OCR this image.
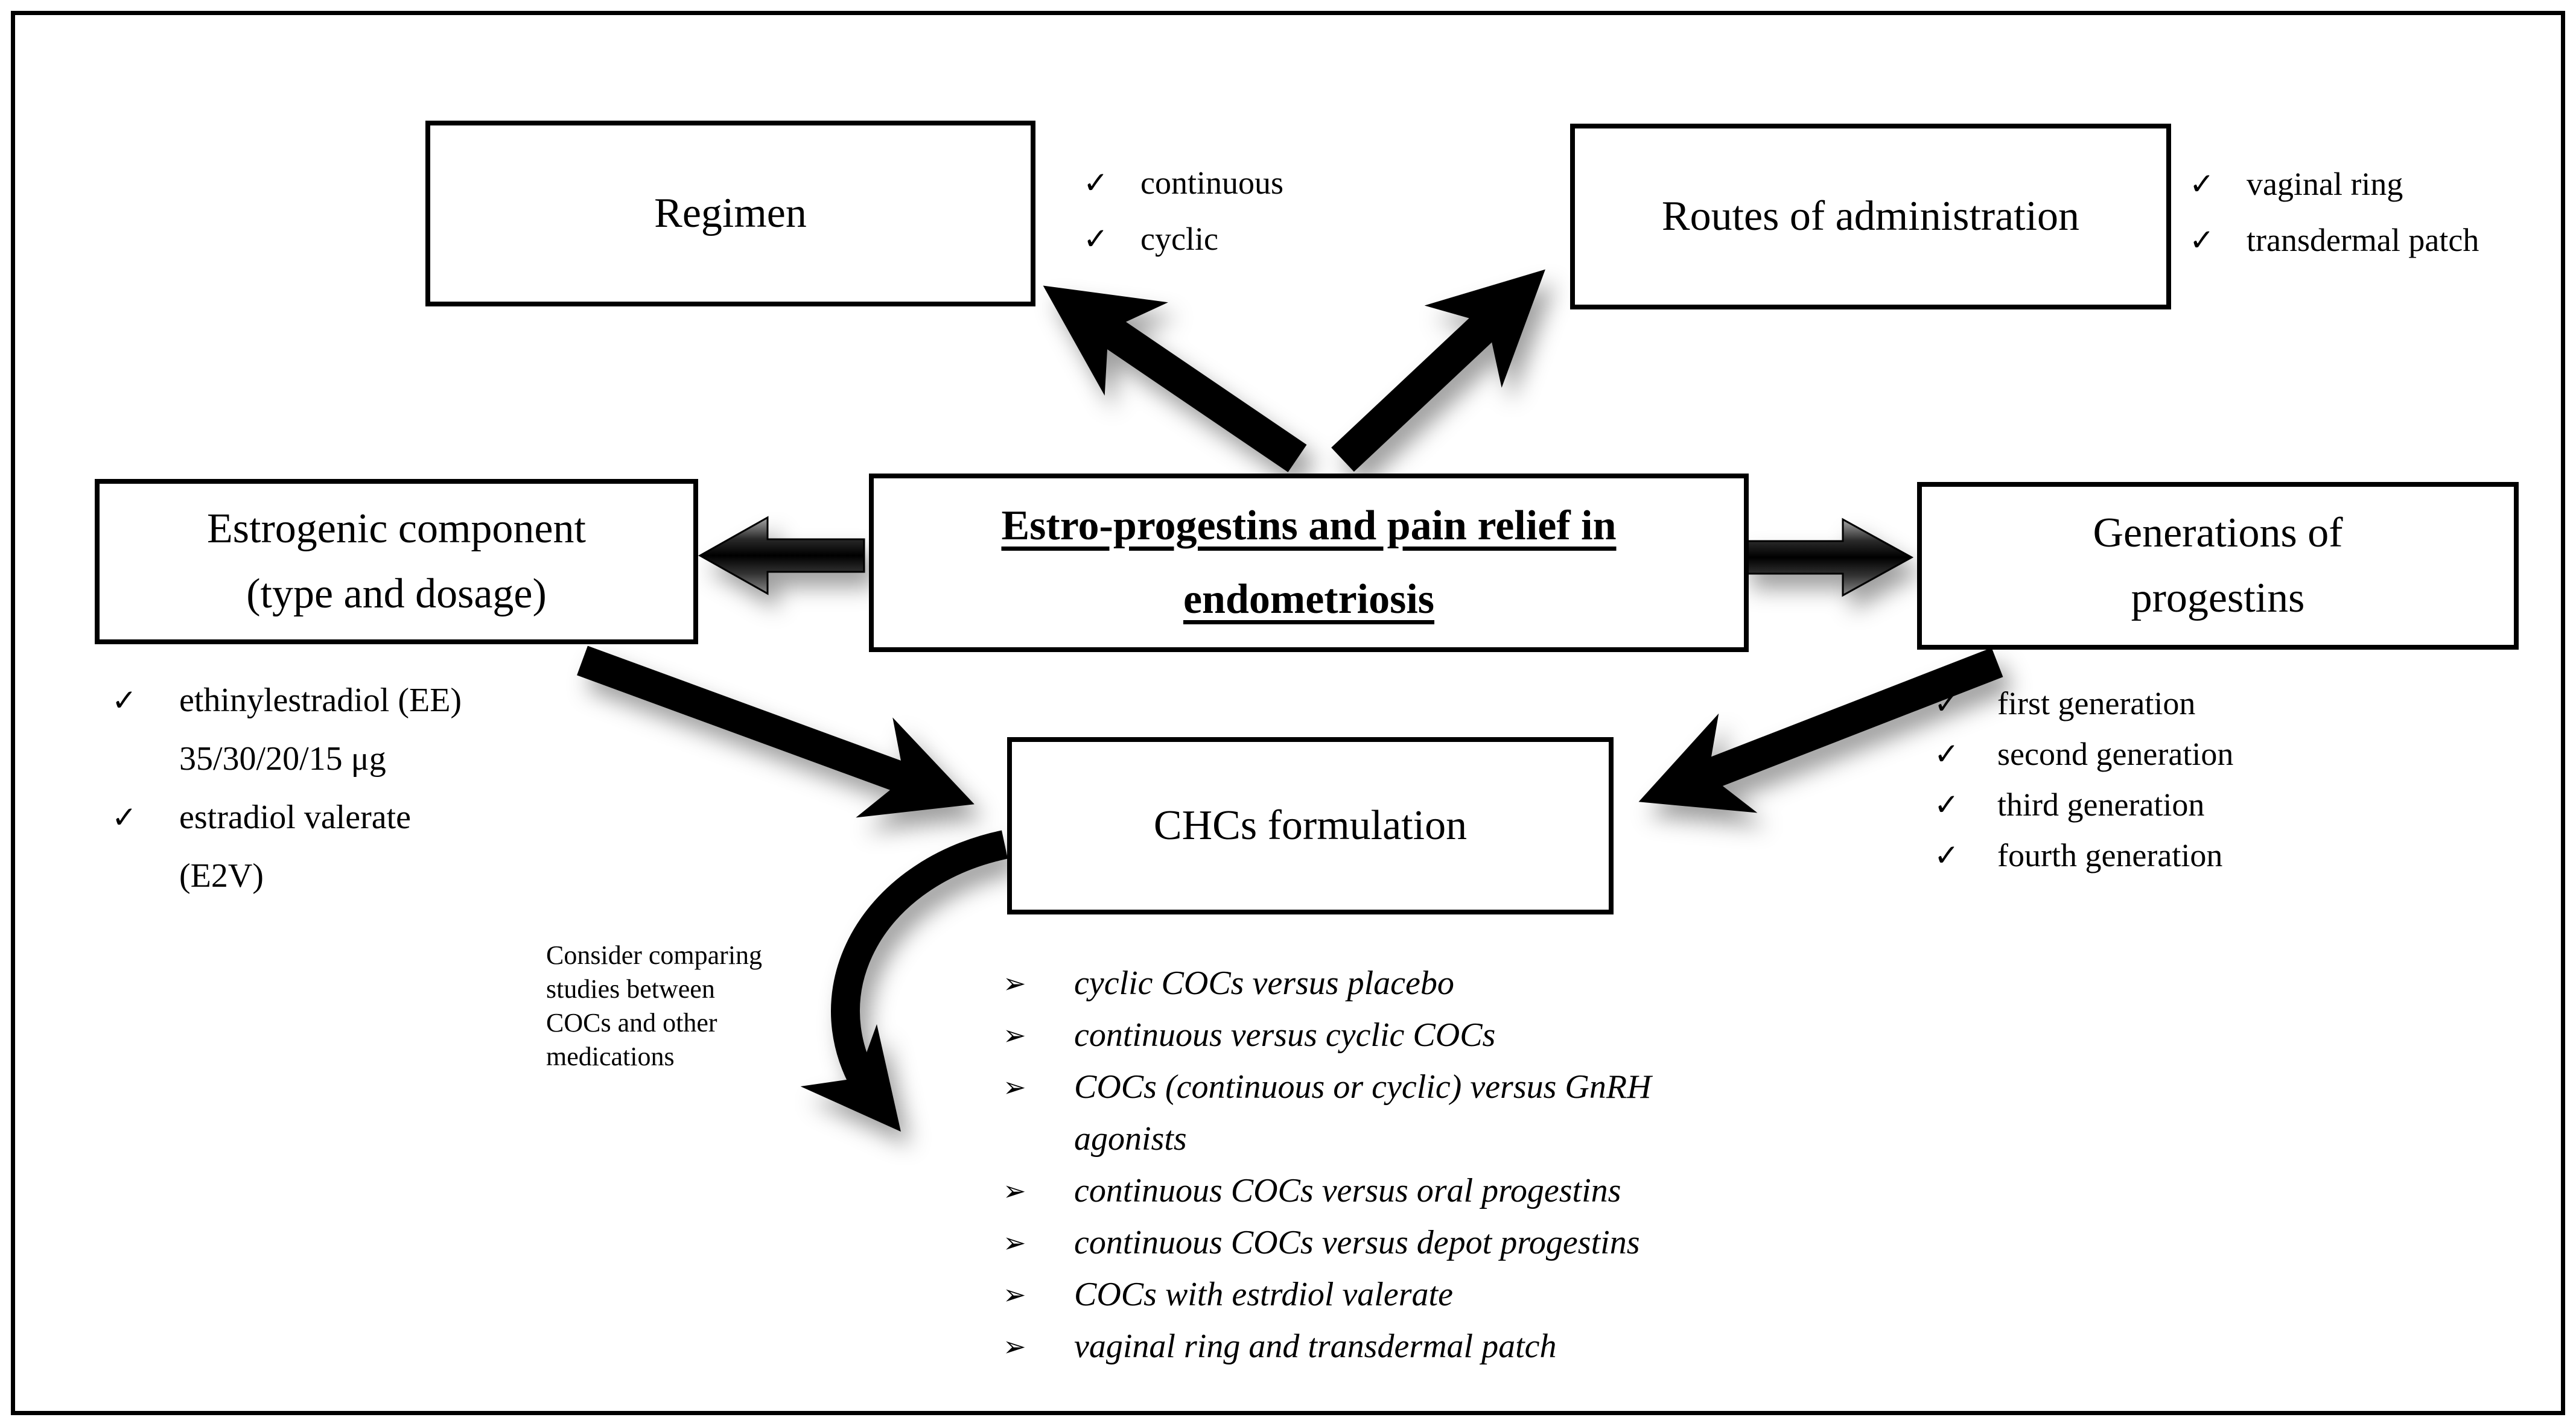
Regimen	Routes of administration
Estro-progestins and pain relief in
endometriosis
Estrogenic component
(type and dosage)
Generations of
progestins
CHCs formulation
✓ continuous
✓ cyclic
✓ vaginal ring
✓ transdermal patch
✓	ethinylestradiol (EE)
35/30/20/15 μg
✓	estradiol valerate
(E2V)
✓	first generation
✓	second generation
✓	third generation
✓	fourth generation
➢	cyclic COCs versus placebo
➢	continuous versus cyclic COCs
➢	COCs (continuous or cyclic) versus GnRH
agonists
➢	continuous COCs versus oral progestins
➢	continuous COCs versus depot progestins
➢	COCs with estrdiol valerate
➢	vaginal ring and transdermal patch
Consider comparing
studies between
COCs and other
medications
